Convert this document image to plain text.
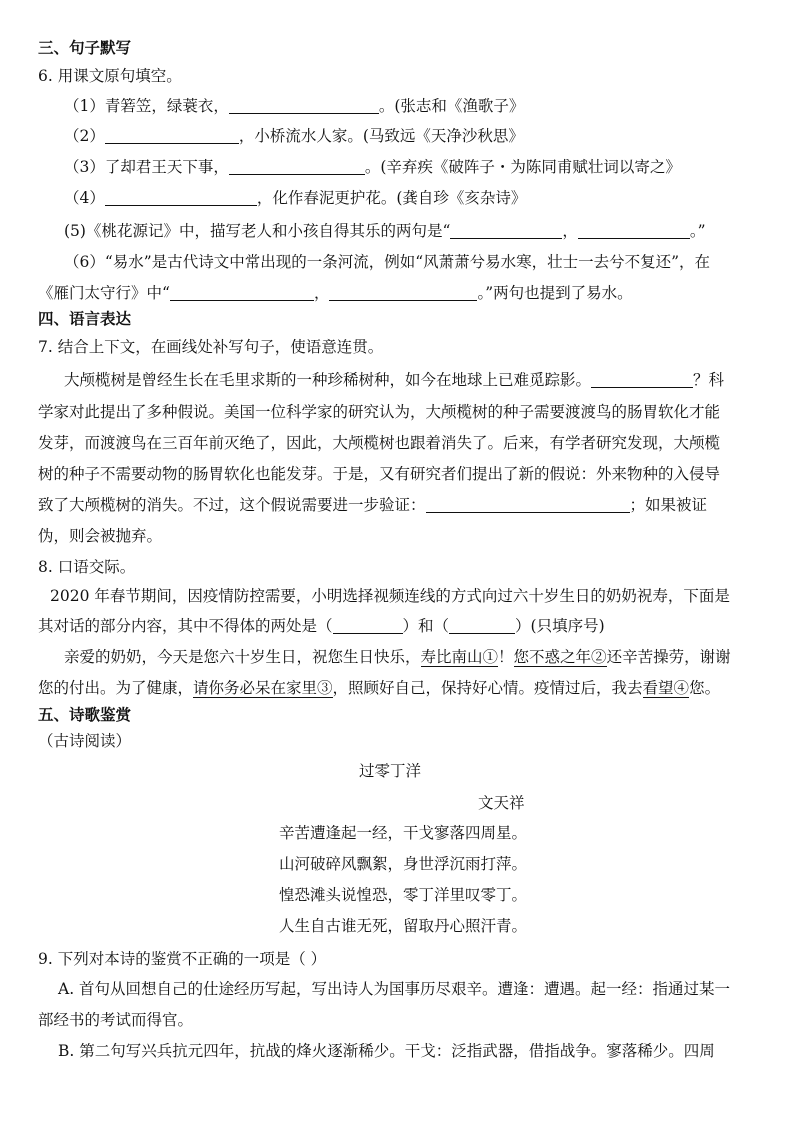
三、句子默写
6. 用课文原句填空。
（1）青箬笠，绿蓑衣，	。(张志和《渔歌子》
（2）	，小桥流水人家。(马致远《天净沙秋思》
（3）了却君王天下事，	。(辛弃疾《破阵子・为陈同甫赋壮词以寄之》
（4）	，化作春泥更护花。(龚自珍《亥杂诗》
(5)《桃花源记》中，描写老人和小孩自得其乐的两句是“	，	。”
（6）“易水”是古代诗文中常出现的一条河流，例如“风萧萧兮易水寒，壮士一去兮不复还”，在
《雁门太守行》中“	，	。”两句也提到了易水。
四、语言表达
7. 结合上下文，在画线处补写句子，使语意连贯。
大颅榄树是曾经生长在毛里求斯的一种珍稀树种，如今在地球上已难觅踪影。	？科
学家对此提出了多种假说。美国一位科学家的研究认为，大颅榄树的种子需要渡渡鸟的肠胃软化才能
发芽，而渡渡鸟在三百年前灭绝了，因此，大颅榄树也跟着消失了。后来，有学者研究发现，大颅榄
树的种子不需要动物的肠胃软化也能发芽。于是，又有研究者们提出了新的假说：外来物种的入侵导
致了大颅榄树的消失。不过，这个假说需要进一步验证：	；如果被证
伪，则会被抛弃。
8. 口语交际。
2020 年春节期间，因疫情防控需要，小明选择视频连线的方式向过六十岁生日的奶奶祝寿，下面是
其对话的部分内容，其中不得体的两处是（	）和（	）(只填序号)
亲爱的奶奶，今天是您六十岁生日，祝您生日快乐，寿比南山①！您不惑之年②还辛苦操劳，谢谢
您的付出。为了健康，请你务必呆在家里③，照顾好自己，保持好心情。疫情过后，我去看望④您。
五、诗歌鉴赏
（古诗阅读）
过零丁洋
文天祥
辛苦遭逢起一经，干戈寥落四周星。
山河破碎风飘絮，身世浮沉雨打萍。
惶恐滩头说惶恐，零丁洋里叹零丁。
人生自古谁无死，留取丹心照汗青。
9. 下列对本诗的鉴赏不正确的一项是（ ）
A. 首句从回想自己的仕途经历写起，写出诗人为国事历尽艰辛。遭逢：遭遇。起一经：指通过某一
部经书的考试而得官。
B. 第二句写兴兵抗元四年，抗战的烽火逐渐稀少。干戈：泛指武器，借指战争。寥落稀少。四周
